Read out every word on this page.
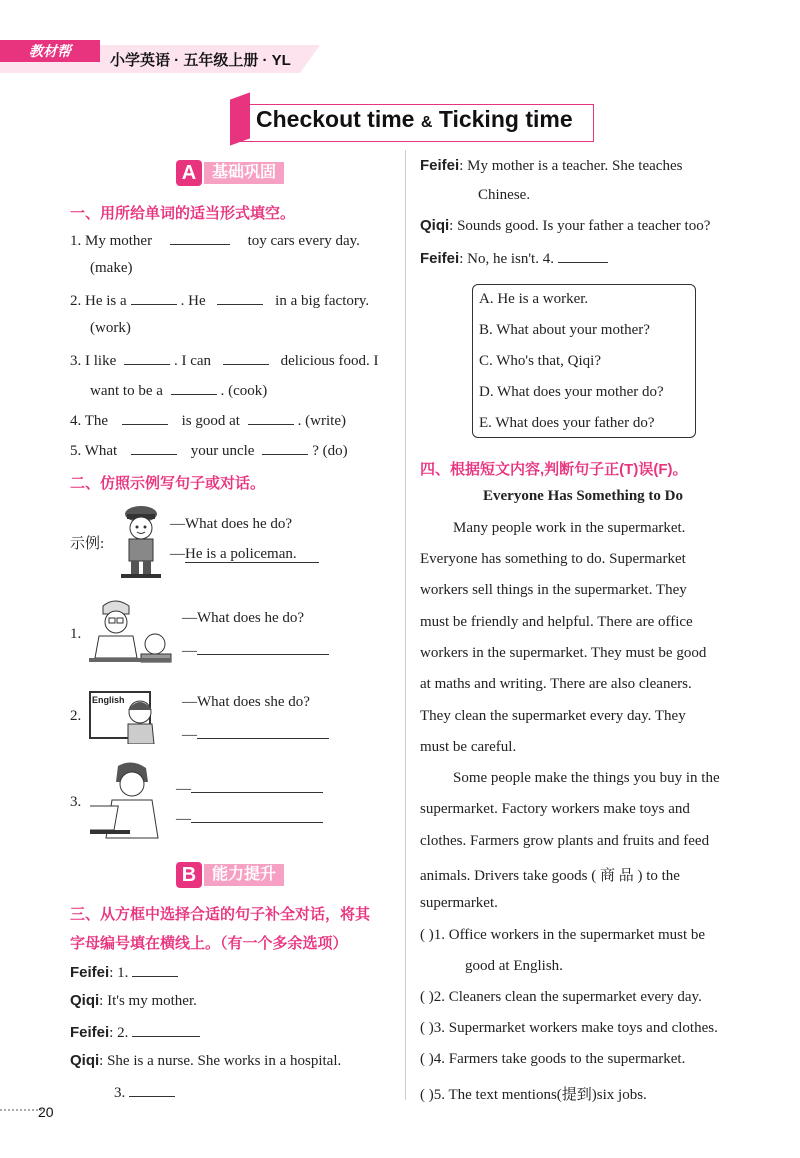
教材帮
小学英语 · 五年级上册 · YL
Checkout time & Ticking time
A 基础巩固
一、用所给单词的适当形式填空。
1. My mother	toy cars every day.
(make)
2. He is a	. He	in a big factory.
(work)
3. I like	. I can	delicious food. I
want to be a	. (cook)
4. The	is good at	. (write)
5. What	your uncle	? (do)
二、仿照示例写句子或对话。
示例:
—What does he do?
—He is a policeman.
1.
—What does he do?
—
2.
English	—What does she do?
—
3.
—
—
B 能力提升
三、从方框中选择合适的句子补全对话，将其
字母编号填在横线上。（有一个多余选项）
Feifei: 1.
Qiqi: It's my mother.
Feifei: 2.
Qiqi: She is a nurse. She works in a hospital.
3.
Feifei: My mother is a teacher. She teaches
Chinese.
Qiqi: Sounds good. Is your father a teacher too?
Feifei: No, he isn't. 4.
A. He is a worker.
B. What about your mother?
C. Who's that, Qiqi?
D. What does your mother do?
E. What does your father do?
四、根据短文内容,判断句子正(T)误(F)。
Everyone Has Something to Do
Many people work in the supermarket.
Everyone has something to do. Supermarket
workers sell things in the supermarket. They
must be friendly and helpful. There are office
workers in the supermarket. They must be good
at maths and writing. There are also cleaners.
They clean the supermarket every day. They
must be careful.
Some people make the things you buy in the
supermarket. Factory workers make toys and
clothes. Farmers grow plants and fruits and feed
animals. Drivers take goods ( 商 品 ) to the
supermarket.
( )1. Office workers in the supermarket must be
good at English.
( )2. Cleaners clean the supermarket every day.
( )3. Supermarket workers make toys and clothes.
( )4. Farmers take goods to the supermarket.
( )5. The text mentions(提到)six jobs.
20
